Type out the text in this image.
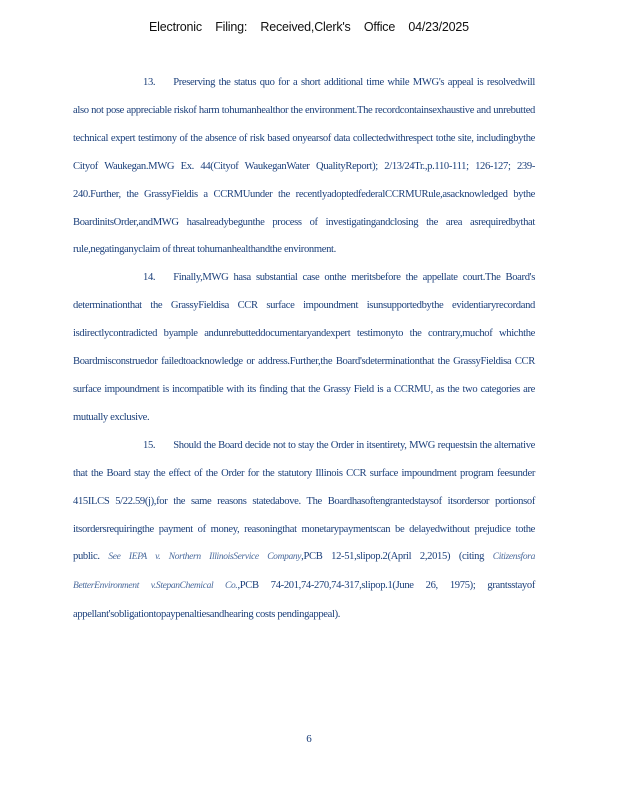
Electronic Filing: Received,Clerk's Office 04/23/2025

13. Preserving the status quo for a short additional time while MWG's appeal is resolvedwill also not pose appreciable riskof harm tohumanhealthor the environment.The recordcontainsexhaustive and unrebutted technical expert testimony of the absence of risk based onyearsof data collectedwithrespect tothe site, includingbythe Cityof Waukegan.MWG Ex. 44(Cityof WaukeganWater QualityReport); 2/13/24Tr.,p.110-111; 126-127; 239-240.Further, the GrassyFieldis a CCRMUunder the recentlyadoptedfederalCCRMURule,asacknowledged bythe BoardinitsOrder,andMWG hasalreadybegunthe process of investigatingandclosing the area asrequiredbythat rule,negatinganyclaim of threat tohumanhealthandthe environment.

14. Finally,MWG hasa substantial case onthe meritsbefore the appellate court.The Board's determinationthat the GrassyFieldisa CCR surface impoundment isunsupportedbythe evidentiaryrecordand isdirectlycontradicted byample andunrebutteddocumentaryandexpert testimonyto the contrary,muchof whichthe Boardmisconstruedor failedtoacknowledge or address.Further,the Board'sdeterminationthat the GrassyFieldisa CCR surface impoundment is incompatible with its finding that the Grassy Field is a CCRMU, as the two categories are mutually exclusive.

15. Should the Board decide not to stay the Order in itsentirety, MWG requestsin the alternative that the Board stay the effect of the Order for the statutory Illinois CCR surface impoundment program feesunder 415ILCS 5/22.59(j),for the same reasons statedabove. The Boardhasoftengrantedstaysof itsordersor portionsof itsordersrequiringthe payment of money, reasoningthat monetarypaymentscan be delayedwithout prejudice tothe public. See IEPA v. Northern IllinoisService Company,PCB 12-51,slipop.2(April 2,2015) (citing Citizensfora BetterEnvironment v.StepanChemical Co.,PCB 74-201,74-270,74-317,slipop.1(June 26, 1975); grantsstayof appellant'sobligationtopaypenaltiesandhearing costs pendingappeal).

6
